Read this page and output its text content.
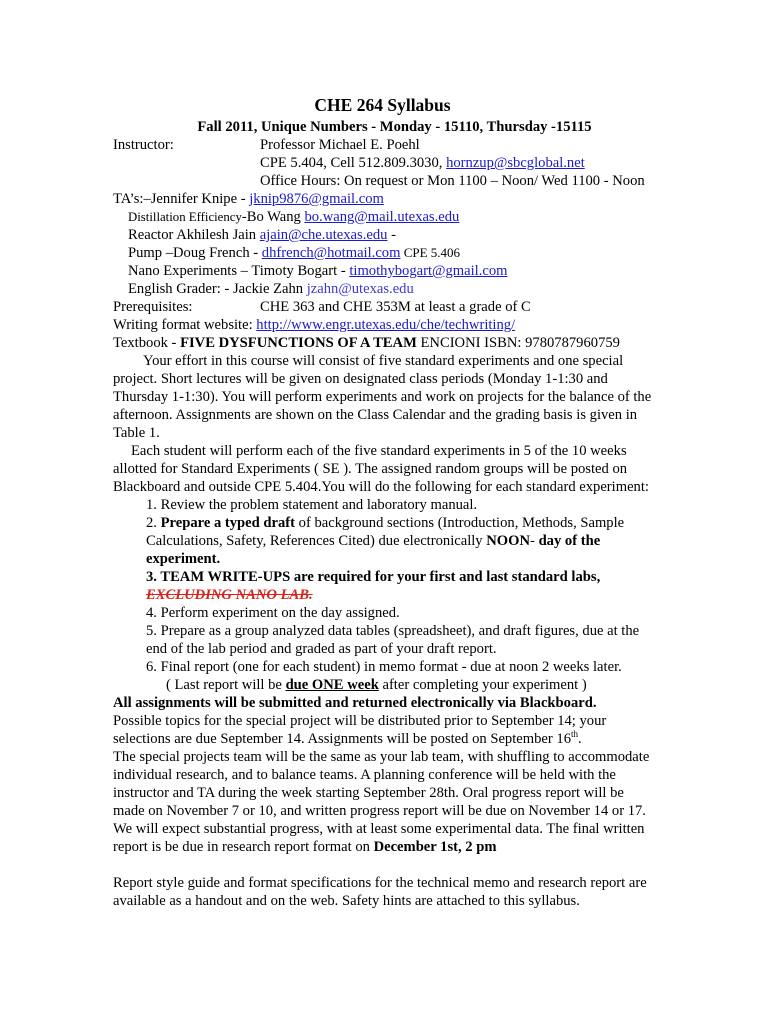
CHE 264 Syllabus
Fall 2011, Unique Numbers - Monday - 15110, Thursday -15115
Instructor:	Professor Michael E. Poehl
CPE 5.404, Cell 512.809.3030, hornzup@sbcglobal.net
Office Hours: On request or Mon 1100 – Noon/ Wed 1100 - Noon
TA’s:–Jennifer Knipe - jknip9876@gmail.com
Distillation Efficiency-Bo Wang bo.wang@mail.utexas.edu
Reactor Akhilesh Jain ajain@che.utexas.edu -
Pump –Doug French - dhfrench@hotmail.com CPE 5.406
Nano Experiments – Timoty Bogart - timothybogart@gmail.com
English Grader: - Jackie Zahn jzahn@utexas.edu
Prerequisites:	CHE 363 and CHE 353M at least a grade of C
Writing format website: http://www.engr.utexas.edu/che/techwriting/
Textbook - FIVE DYSFUNCTIONS OF A TEAM ENCIONI ISBN: 9780787960759

Your effort in this course will consist of five standard experiments and one special project. Short lectures will be given on designated class periods (Monday 1-1:30 and Thursday 1-1:30). You will perform experiments and work on projects for the balance of the afternoon. Assignments are shown on the Class Calendar and the grading basis is given in Table 1.

Each student will perform each of the five standard experiments in 5 of the 10 weeks allotted for Standard Experiments ( SE ). The assigned random groups will be posted on Blackboard and outside CPE 5.404.You will do the following for each standard experiment:

1. Review the problem statement and laboratory manual.
2. Prepare a typed draft of background sections (Introduction, Methods, Sample Calculations, Safety, References Cited) due electronically NOON- day of the experiment.
3. TEAM WRITE-UPS are required for your first and last standard labs,
EXCLUDING NANO LAB.
4. Perform experiment on the day assigned.
5. Prepare as a group analyzed data tables (spreadsheet), and draft figures, due at the end of the lab period and graded as part of your draft report.
6. Final report (one for each student) in memo format - due at noon 2 weeks later.
( Last report will be due ONE week after completing your experiment )
All assignments will be submitted and returned electronically via Blackboard.

Possible topics for the special project will be distributed prior to September 14; your selections are due September 14. Assignments will be posted on September 16th.

The special projects team will be the same as your lab team, with shuffling to accommodate individual research, and to balance teams. A planning conference will be held with the instructor and TA during the week starting September 28th. Oral progress report will be made on November 7 or 10, and written progress report will be due on November 14 or 17. We will expect substantial progress, with at least some experimental data. The final written report is be due in research report format on December 1st, 2 pm

Report style guide and format specifications for the technical memo and research report are available as a handout and on the web. Safety hints are attached to this syllabus.
